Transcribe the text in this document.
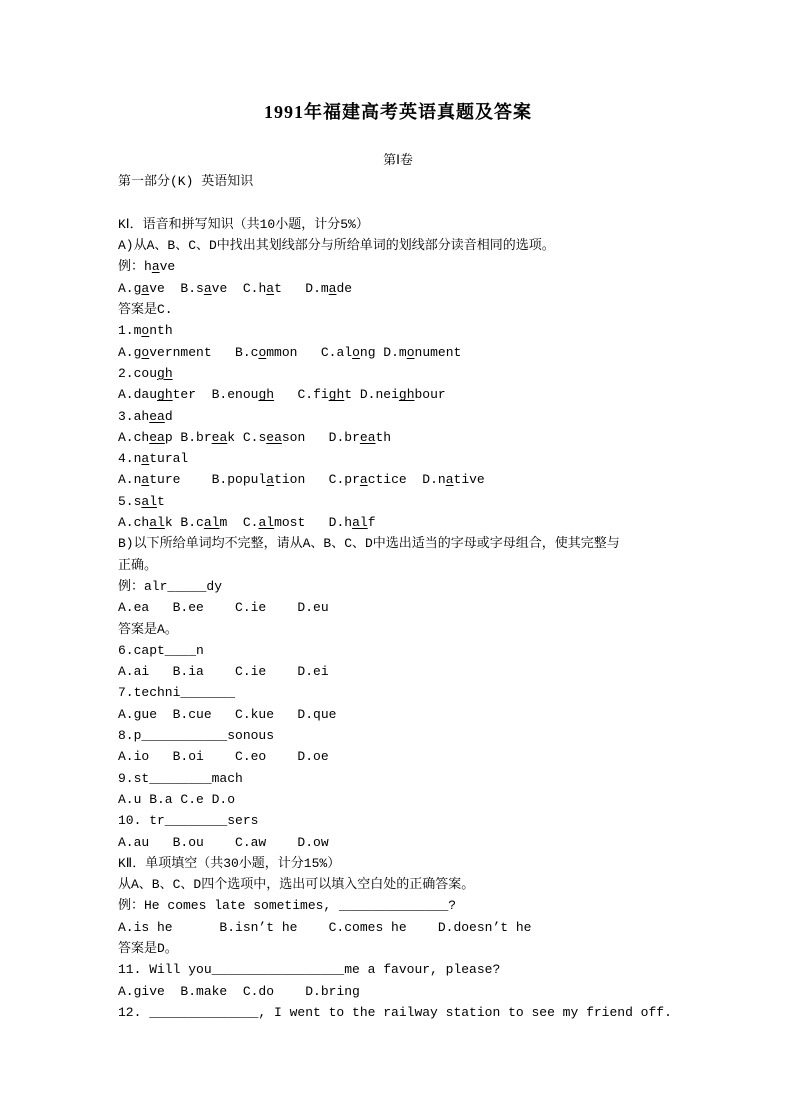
1991年福建高考英语真题及答案
第Ⅰ卷
第一部分(K) 英语知识

KⅠ．语音和拼写知识（共10小题，计分5%）
A)从A、B、C、D中找出其划线部分与所给单词的划线部分读音相同的选项。
例：have
A.gave  B.save  C.hat   D.made
答案是C.
1.month
A.government   B.common   C.along D.monument
2.cough
A.daughter  B.enough   C.fight D.neighbour
3.ahead
A.cheap B.break C.season   D.breath
4.natural
A.nature    B.population   C.practice  D.native
5.salt
A.chalk B.calm  C.almost   D.half
B)以下所给单词均不完整，请从A、B、C、D中选出适当的字母或字母组合，使其完整与
正确。
例：alr_____dy
A.ea   B.ee    C.ie    D.eu
答案是A。
6.capt____n
A.ai   B.ia    C.ie    D.ei
7.techni_______
A.gue  B.cue   C.kue   D.que
8.p___________sonous
A.io   B.oi    C.eo    D.oe
9.st________mach
A.u B.a C.e D.o
10. tr________sers
A.au   B.ou    C.aw    D.ow
KⅡ．单项填空（共30小题，计分15%）
从A、B、C、D四个选项中，选出可以填入空白处的正确答案。
例：He comes late sometimes, ______________?
A.is he      B.isn’t he    C.comes he    D.doesn’t he
答案是D。
11. Will you_________________me a favour, please?
A.give  B.make  C.do    D.bring
12. ______________, I went to the railway station to see my friend off.
